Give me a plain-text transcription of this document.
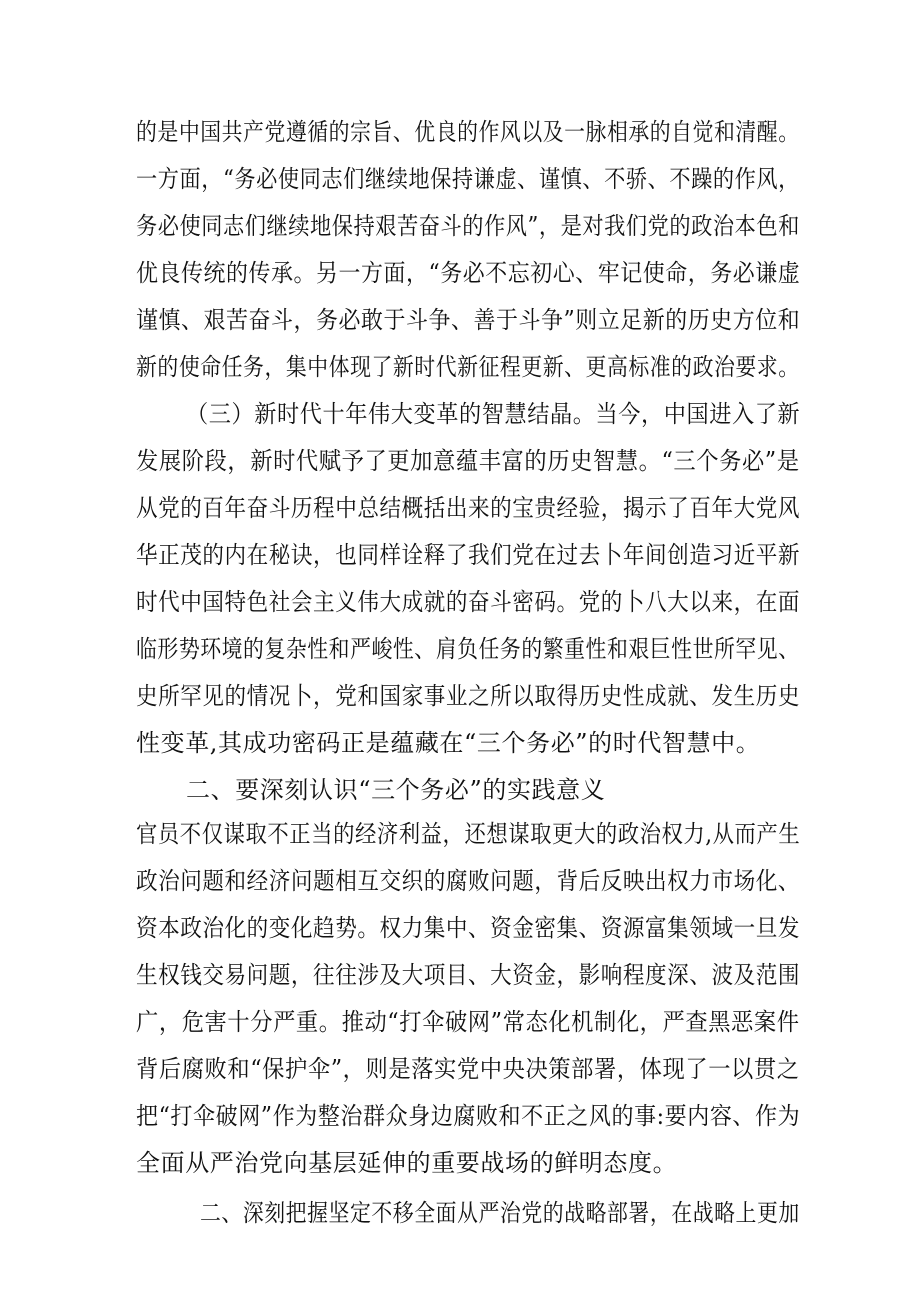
的是中国共产党遵循的宗旨、优良的作风以及一脉相承的自觉和清醒。
一方面，“务必使同志们继续地保持谦虚、谨慎、不骄、不躁的作风，
务必使同志们继续地保持艰苦奋斗的作风”，是对我们党的政治本色和
优良传统的传承。另一方面，“务必不忘初心、牢记使命，务必谦虚
谨慎、艰苦奋斗，务必敢于斗争、善于斗争”则立足新的历史方位和
新的使命任务，集中体现了新时代新征程更新、更高标准的政治要求。
（三）新时代十年伟大变革的智慧结晶。当今，中国进入了新
发展阶段，新时代赋予了更加意蕴丰富的历史智慧。“三个务必”是
从党的百年奋斗历程中总结概括出来的宝贵经验，揭示了百年大党风
华正茂的内在秘诀，也同样诠释了我们党在过去卜年间创造习近平新
时代中国特色社会主义伟大成就的奋斗密码。党的卜八大以来，在面
临形势环境的复杂性和严峻性、肩负任务的繁重性和艰巨性世所罕见、
史所罕见的情况卜，党和国家事业之所以取得历史性成就、发生历史
性变革,其成功密码正是蕴藏在“三个务必”的时代智慧中。
二、要深刻认识“三个务必”的实践意义
官员不仅谋取不正当的经济利益，还想谋取更大的政治权力,从而产生
政治问题和经济问题相互交织的腐败问题，背后反映出权力市场化、
资本政治化的变化趋势。权力集中、资金密集、资源富集领域一旦发
生权钱交易问题，往往涉及大项目、大资金，影响程度深、波及范围
广，危害十分严重。推动“打伞破网”常态化机制化，严查黑恶案件
背后腐败和“保护伞”，则是落实党中央决策部署，体现了一以贯之
把“打伞破网”作为整治群众身边腐败和不正之风的事:要内容、作为
全面从严治党向基层延伸的重要战场的鲜明态度。
二、深刻把握坚定不移全面从严治党的战略部署，在战略上更加
